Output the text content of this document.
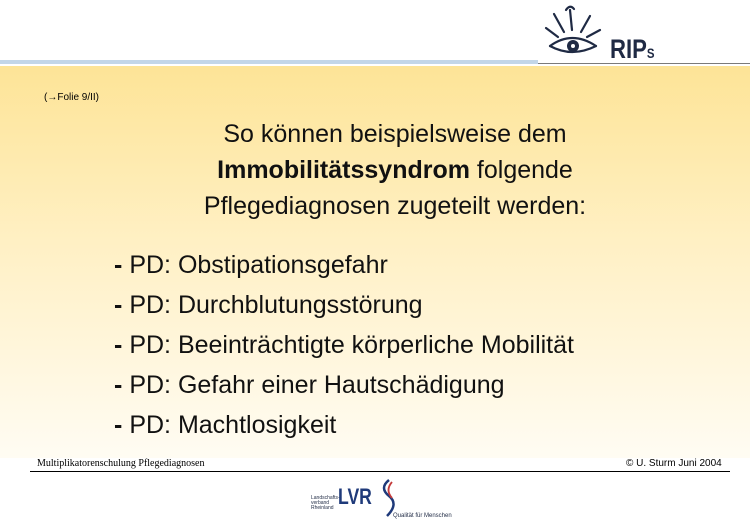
RIPS
(→Folie 9/II)
So können beispielsweise dem
Immobilitätssyndrom folgende
Pflegediagnosen zugeteilt werden:
- PD: Obstipationsgefahr
- PD: Durchblutungsstörung
- PD: Beeinträchtigte körperliche Mobilität
- PD: Gefahr einer Hautschädigung
- PD: Machtlosigkeit
Multiplikatorenschulung Pflegediagnosen	© U. Sturm Juni 2004
Landschafts-verband Rheinland LVR
Qualität für Menschen
